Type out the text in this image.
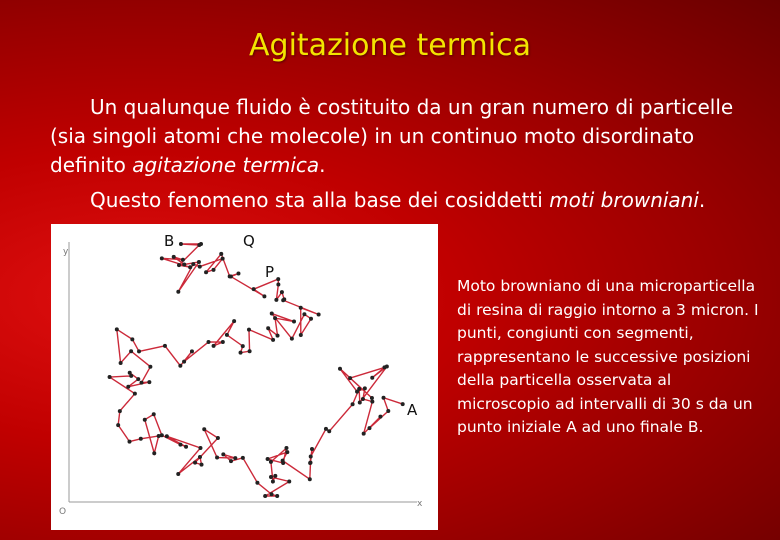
Agitazione termica
Un qualunque fluido è costituito da un gran numero di particelle (sia singoli atomi che molecole) in un continuo moto disordinato definito agitazione termica.
Questo fenomeno sta alla base dei cosiddetti moti browniani.
y
x
O
B	Q
P
A
Moto browniano di una microparticella di resina di raggio intorno a 3 micron. I punti, congiunti con segmenti, rappresentano le successive posizioni della particella osservata al microscopio ad intervalli di 30 s da un punto iniziale A ad uno finale B.
